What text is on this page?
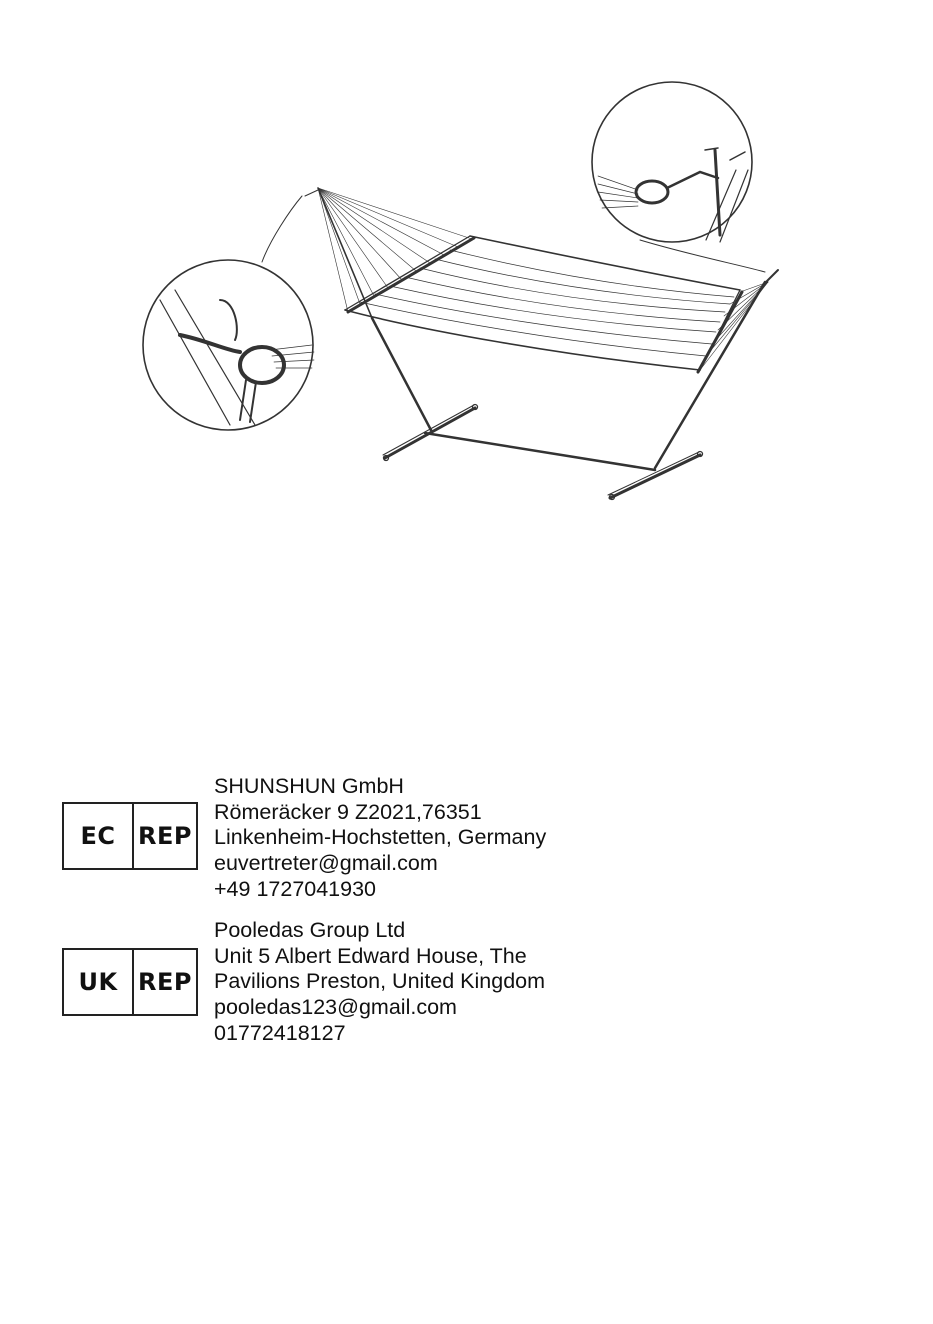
EC REP
SHUNSHUN GmbH
Römeräcker 9 Z2021,76351
Linkenheim-Hochstetten, Germany
euvertreter@gmail.com
+49 1727041930
UK REP
Pooledas Group Ltd
Unit 5 Albert Edward House, The
Pavilions Preston, United Kingdom
pooledas123@gmail.com
01772418127
